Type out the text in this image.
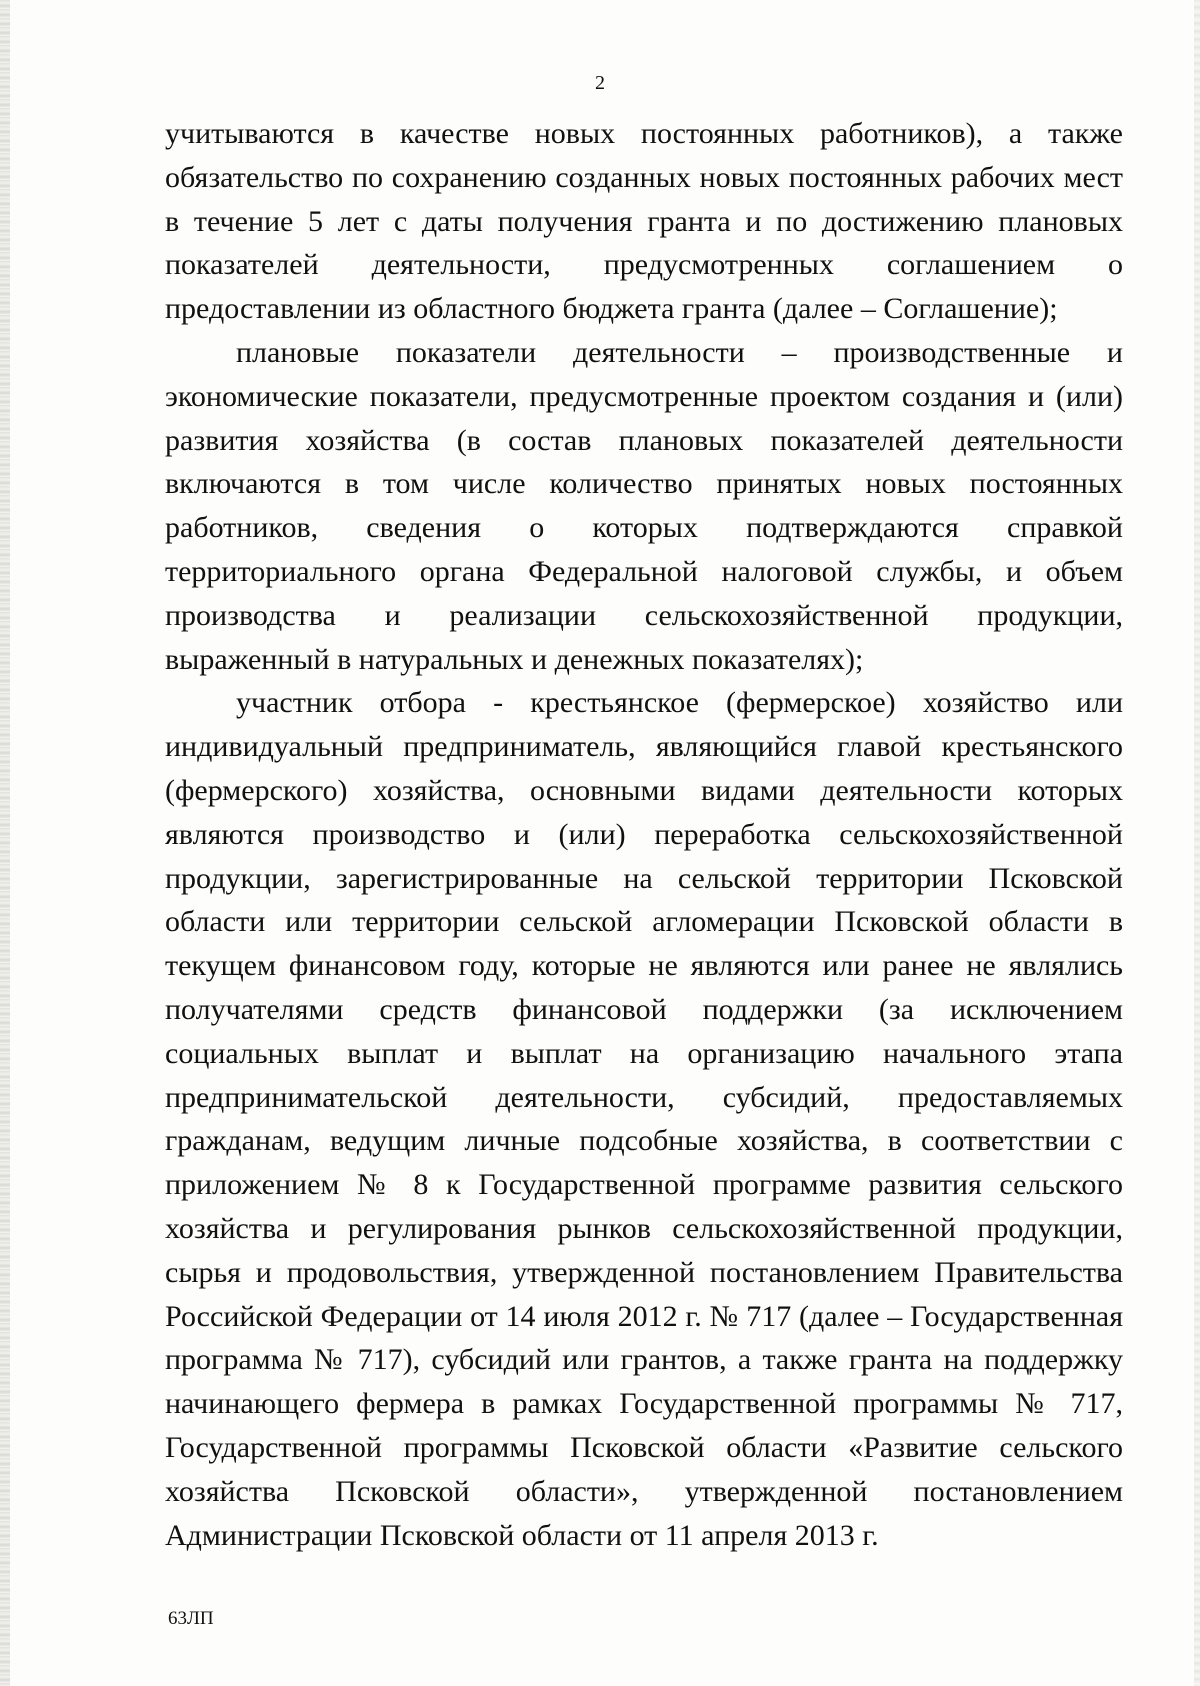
2

учитываются в качестве новых постоянных работников), а также обязательство по сохранению созданных новых постоянных рабочих мест в течение 5 лет с даты получения гранта и по достижению плановых показателей деятельности, предусмотренных соглашением о предоставлении из областного бюджета гранта (далее – Соглашение);

плановые показатели деятельности – производственные и экономические показатели, предусмотренные проектом создания и (или) развития хозяйства (в состав плановых показателей деятельности включаются в том числе количество принятых новых постоянных работников, сведения о которых подтверждаются справкой территориального органа Федеральной налоговой службы, и объем производства и реализации сельскохозяйственной продукции, выраженный в натуральных и денежных показателях);

участник отбора - крестьянское (фермерское) хозяйство или индивидуальный предприниматель, являющийся главой крестьянского (фермерского) хозяйства, основными видами деятельности которых являются производство и (или) переработка сельскохозяйственной продукции, зарегистрированные на сельской территории Псковской области или территории сельской агломерации Псковской области в текущем финансовом году, которые не являются или ранее не являлись получателями средств финансовой поддержки (за исключением социальных выплат и выплат на организацию начального этапа предпринимательской деятельности, субсидий, предоставляемых гражданам, ведущим личные подсобные хозяйства, в соответствии с приложением № 8 к Государственной программе развития сельского хозяйства и регулирования рынков сельскохозяйственной продукции, сырья и продовольствия, утвержденной постановлением Правительства Российской Федерации от 14 июля 2012 г. № 717 (далее – Государственная программа № 717), субсидий или грантов, а также гранта на поддержку начинающего фермера в рамках Государственной программы № 717, Государственной программы Псковской области «Развитие сельского хозяйства Псковской области», утвержденной постановлением Администрации Псковской области от 11 апреля 2013 г.

63ЛП
